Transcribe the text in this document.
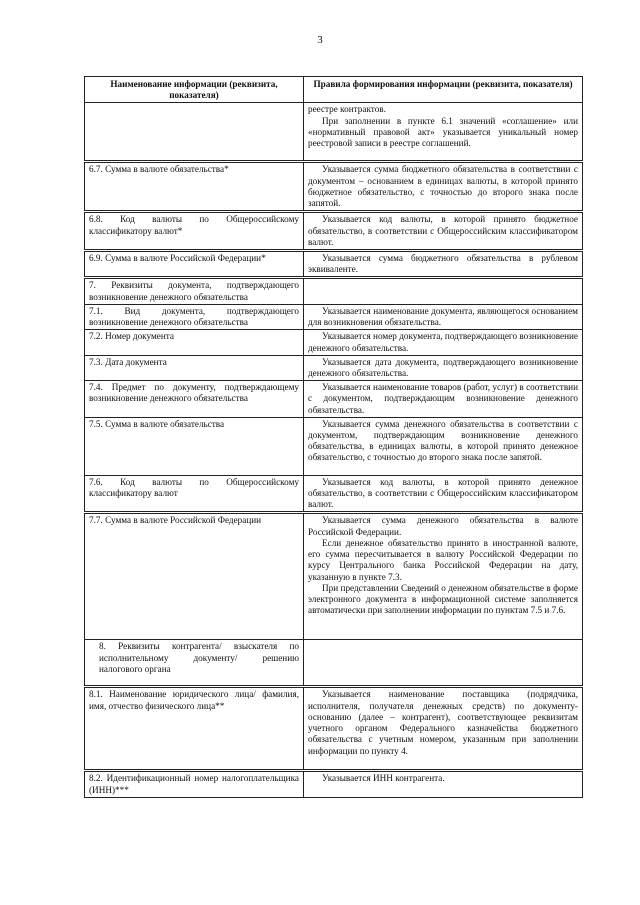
3
Наименование информации (реквизита, показателя)	Правила формирования информации (реквизита, показателя)

	реестре контрактов.

При заполнении в пункте 6.1 значений «соглашение» или «нормативный правовой акт» указывается уникальный номер реестровой записи в реестре соглашений.

6.7. Сумма в валюте обязательства*	Указывается сумма бюджетного обязательства в соответствии с документом – основанием в единицах валюты, в которой принято бюджетное обязательство, с точностью до второго знака после запятой.

6.8. Код валюты по Общероссийскому классификатору валют*	Указывается код валюты, в которой принято бюджетное обязательство, в соответствии с Общероссийским классификатором валют.

6.9. Сумма в валюте Российской Федерации*	Указывается сумма бюджетного обязательства в рублевом эквиваленте.

7. Реквизиты документа, подтверждающего возникновение денежного обязательства	
7.1. Вид документа, подтверждающего возникновение денежного обязательства	Указывается наименование документа, являющегося основанием для возникновения обязательства.

7.2. Номер документа	Указывается номер документа, подтверждающего возникновение денежного обязательства.

7.3. Дата документа	Указывается дата документа, подтверждающего возникновение денежного обязательства.

7.4. Предмет по документу, подтверждающему возникновение денежного обязательства	Указывается наименование товаров (работ, услуг) в соответствии с документом, подтверждающим возникновение денежного обязательства.

7.5. Сумма в валюте обязательства	Указывается сумма денежного обязательства в соответствии с документом, подтверждающим возникновение денежного обязательства, в единицах валюты, в которой принято денежное обязательство, с точностью до второго знака после запятой.

7.6. Код валюты по Общероссийскому классификатору валют	Указывается код валюты, в которой принято денежное обязательство, в соответствии с Общероссийским классификатором валют.

7.7. Сумма в валюте Российской Федерации	Указывается сумма денежного обязательства в валюте Российской Федерации.

Если денежное обязательство принято в иностранной валюте, его сумма пересчитывается в валюту Российской Федерации по курсу Центрального банка Российской Федерации на дату, указанную в пункте 7.3.

При представлении Сведений о денежном обязательстве в форме электронного документа в информационной системе заполняется автоматически при заполнении информации по пунктам 7.5 и 7.6.

8. Реквизиты контрагента/ взыскателя по исполнительному документу/ решению налогового органа	

8.1. Наименование юридического лица/ фамилия, имя, отчество физического лица**	Указывается наименование поставщика (подрядчика, исполнителя, получателя денежных средств) по документу-основанию (далее – контрагент), соответствующее реквизитам учетного органом Федерального казначейства бюджетного обязательства с учетным номером, указанным при заполнении информации по пункту 4.

8.2. Идентификационный номер налогоплательщика (ИНН)***	Указывается ИНН контрагента.
